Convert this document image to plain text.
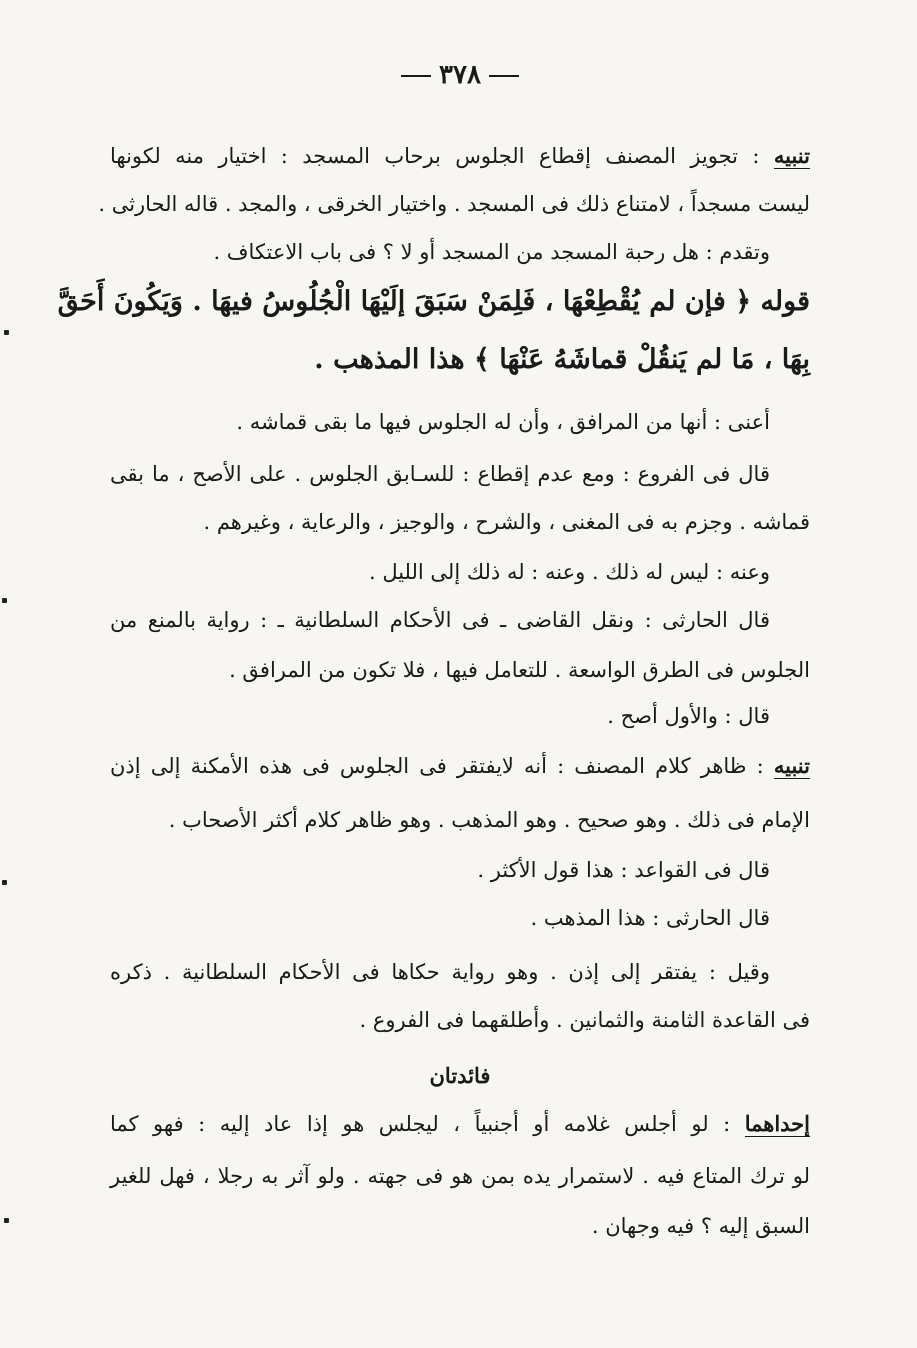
٣٧٨
تنبيه : تجويز المصنف إقطاع الجلوس برحاب المسجد : اختيار منه لكونها
ليست مسجداً ، لامتناع ذلك فى المسجد . واختيار الخرقى ، والمجد . قاله الحارثى .
وتقدم : هل رحبة المسجد من المسجد أو لا ؟ فى باب الاعتكاف .
قوله ﴿ فإن لم يُقْطِعْهَا ، فَلِمَنْ سَبَقَ إلَيْهَا الْجُلُوسُ فيهَا . وَيَكُونَ أَحَقَّ
بِهَا ، مَا لم يَنقُلْ قماشَهُ عَنْهَا ﴾ هذا المذهب .
أعنى : أنها من المرافق ، وأن له الجلوس فيها ما بقى قماشه .
قال فى الفروع : ومع عدم إقطاع : للسـابق الجلوس . على الأصح ، ما بقى
قماشه . وجزم به فى المغنى ، والشرح ، والوجيز ، والرعاية ، وغيرهم .
وعنه : ليس له ذلك . وعنه : له ذلك إلى الليل .
قال الحارثى : ونقل القاضى ـ فى الأحكام السلطانية ـ : رواية بالمنع من
الجلوس فى الطرق الواسعة . للتعامل فيها ، فلا تكون من المرافق .
قال : والأول أصح .
تنبيه : ظاهر كلام المصنف : أنه لايفتقر فى الجلوس فى هذه الأمكنة إلى إذن
الإمام فى ذلك . وهو صحيح . وهو المذهب . وهو ظاهر كلام أكثر الأصحاب .
قال فى القواعد : هذا قول الأكثر .
قال الحارثى : هذا المذهب .
وقيل : يفتقر إلى إذن . وهو رواية حكاها فى الأحكام السلطانية . ذكره
فى القاعدة الثامنة والثمانين . وأطلقهما فى الفروع .
فائدتان
إحداهما : لو أجلس غلامه أو أجنبياً ، ليجلس هو إذا عاد إليه : فهو كما
لو ترك المتاع فيه . لاستمرار يده بمن هو فى جهته . ولو آثر به رجلا ، فهل للغير
السبق إليه ؟ فيه وجهان .
